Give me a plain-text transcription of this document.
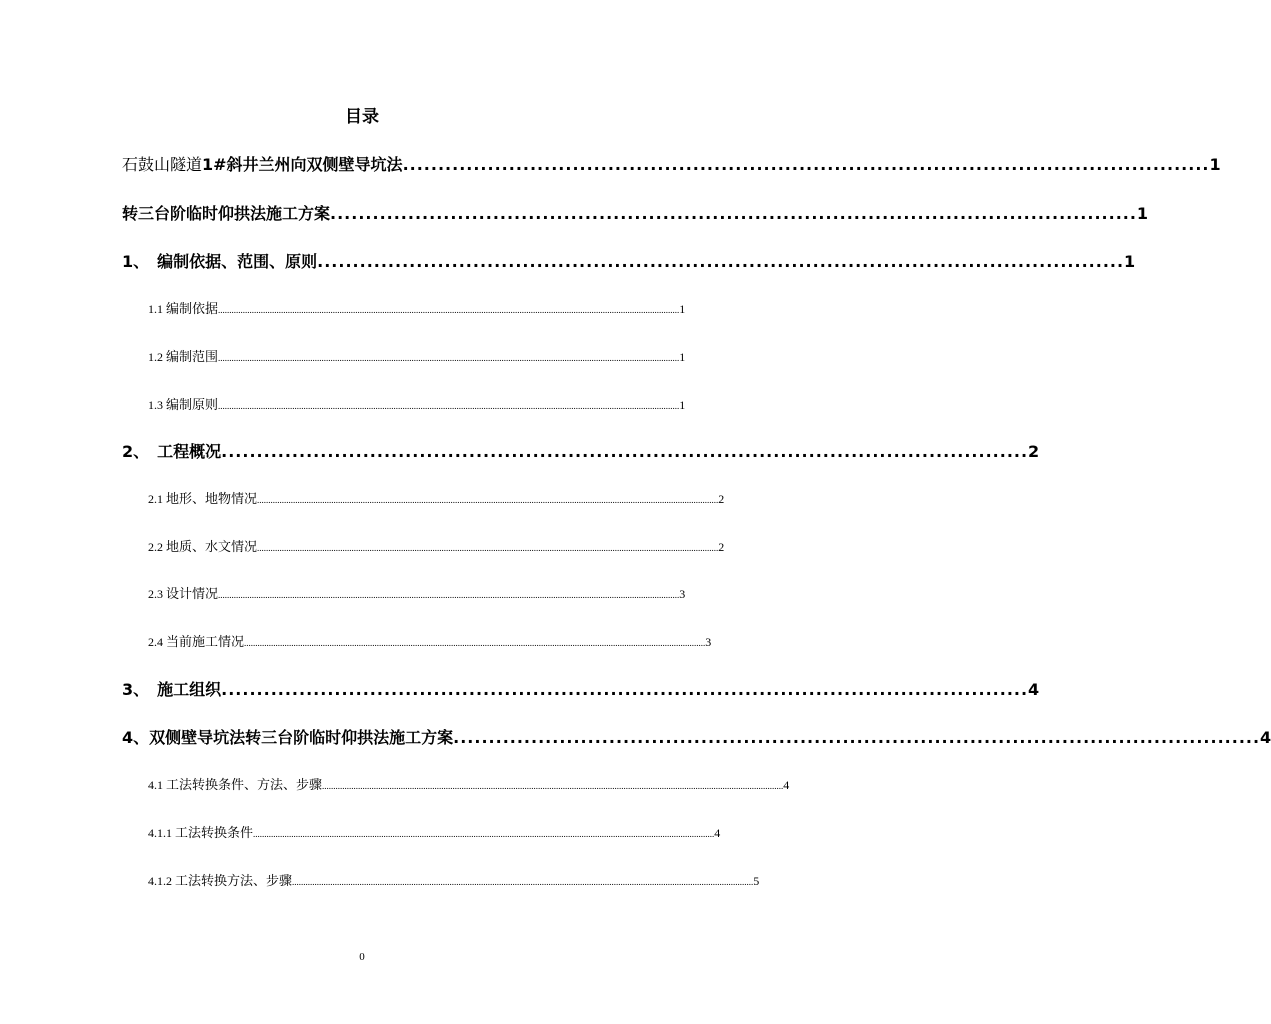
目录
石鼓山隧道1#斜井兰州向双侧壁导坑法 .................................................................................................................. 1
转三台阶临时仰拱法施工方案 .................................................................................................................. 1
1、　编制依据、范围、原则 .................................................................................................................. 1
1.1 编制依据 ............................................................................................................................................................................................................. 1
1.2 编制范围 ............................................................................................................................................................................................................. 1
1.3 编制原则 ............................................................................................................................................................................................................. 1
2、　工程概况 .................................................................................................................. 2
2.1 地形、地物情况 ............................................................................................................................................................................................................. 2
2.2 地质、水文情况 ............................................................................................................................................................................................................. 2
2.3 设计情况 ............................................................................................................................................................................................................. 3
2.4 当前施工情况 ............................................................................................................................................................................................................. 3
3、　施工组织 .................................................................................................................. 4
4、双侧壁导坑法转三台阶临时仰拱法施工方案 .................................................................................................................. 4
4.1 工法转换条件、方法、步骤 ............................................................................................................................................................................................................. 4
4.1.1 工法转换条件 ............................................................................................................................................................................................................. 4
4.1.2 工法转换方法、步骤 ............................................................................................................................................................................................................. 5
0
